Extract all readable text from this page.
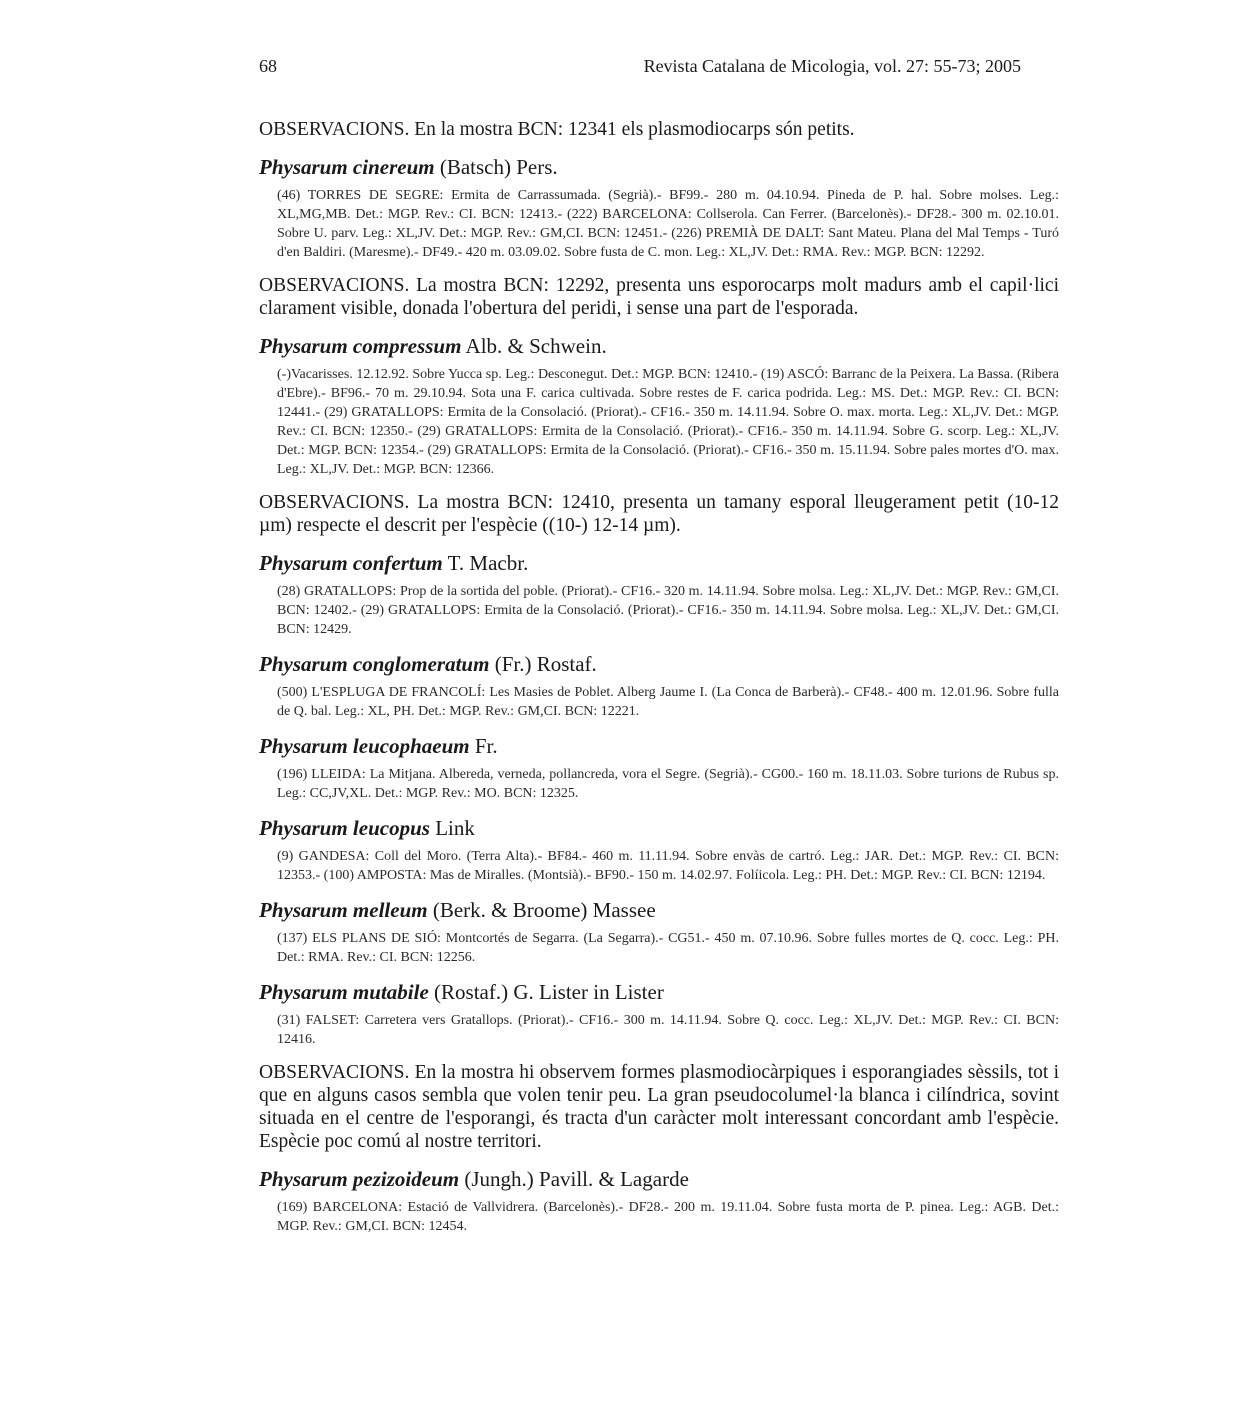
68	Revista Catalana de Micologia, vol. 27: 55-73; 2005

OBSERVACIONS. En la mostra BCN: 12341 els plasmodiocarps són petits.

Physarum cinereum (Batsch) Pers.

(46) TORRES DE SEGRE: Ermita de Carrassumada. (Segrià).- BF99.- 280 m. 04.10.94. Pineda de P. hal. Sobre molses. Leg.: XL,MG,MB. Det.: MGP. Rev.: CI. BCN: 12413.- (222) BARCELONA: Collserola. Can Ferrer. (Barcelonès).- DF28.- 300 m. 02.10.01. Sobre U. parv. Leg.: XL,JV. Det.: MGP. Rev.: GM,CI. BCN: 12451.- (226) PREMIÀ DE DALT: Sant Mateu. Plana del Mal Temps - Turó d'en Baldiri. (Maresme).- DF49.- 420 m. 03.09.02. Sobre fusta de C. mon. Leg.: XL,JV. Det.: RMA. Rev.: MGP. BCN: 12292.

OBSERVACIONS. La mostra BCN: 12292, presenta uns esporocarps molt madurs amb el capil·lici clarament visible, donada l'obertura del peridi, i sense una part de l'esporada.

Physarum compressum Alb. & Schwein.

(-)Vacarisses. 12.12.92. Sobre Yucca sp. Leg.: Desconegut. Det.: MGP. BCN: 12410.- (19) ASCÓ: Barranc de la Peixera. La Bassa. (Ribera d'Ebre).- BF96.- 70 m. 29.10.94. Sota una F. carica cultivada. Sobre restes de F. carica podrida. Leg.: MS. Det.: MGP. Rev.: CI. BCN: 12441.- (29) GRATALLOPS: Ermita de la Consolació. (Priorat).- CF16.- 350 m. 14.11.94. Sobre O. max. morta. Leg.: XL,JV. Det.: MGP. Rev.: CI. BCN: 12350.- (29) GRATALLOPS: Ermita de la Consolació. (Priorat).- CF16.- 350 m. 14.11.94. Sobre G. scorp. Leg.: XL,JV. Det.: MGP. BCN: 12354.- (29) GRATALLOPS: Ermita de la Consolació. (Priorat).- CF16.- 350 m. 15.11.94. Sobre pales mortes d'O. max. Leg.: XL,JV. Det.: MGP. BCN: 12366.

OBSERVACIONS. La mostra BCN: 12410, presenta un tamany esporal lleugerament petit (10-12 µm) respecte el descrit per l'espècie ((10-) 12-14 µm).

Physarum confertum T. Macbr.

(28) GRATALLOPS: Prop de la sortida del poble. (Priorat).- CF16.- 320 m. 14.11.94. Sobre molsa. Leg.: XL,JV. Det.: MGP. Rev.: GM,CI. BCN: 12402.- (29) GRATALLOPS: Ermita de la Consolació. (Priorat).- CF16.- 350 m. 14.11.94. Sobre molsa. Leg.: XL,JV. Det.: GM,CI. BCN: 12429.

Physarum conglomeratum (Fr.) Rostaf.

(500) L'ESPLUGA DE FRANCOLÍ: Les Masies de Poblet. Alberg Jaume I. (La Conca de Barberà).- CF48.- 400 m. 12.01.96. Sobre fulla de Q. bal. Leg.: XL, PH. Det.: MGP. Rev.: GM,CI. BCN: 12221.

Physarum leucophaeum Fr.

(196) LLEIDA: La Mitjana. Albereda, verneda, pollancreda, vora el Segre. (Segrià).- CG00.- 160 m. 18.11.03. Sobre turions de Rubus sp. Leg.: CC,JV,XL. Det.: MGP. Rev.: MO. BCN: 12325.

Physarum leucopus Link

(9) GANDESA: Coll del Moro. (Terra Alta).- BF84.- 460 m. 11.11.94. Sobre envàs de cartró. Leg.: JAR. Det.: MGP. Rev.: CI. BCN: 12353.- (100) AMPOSTA: Mas de Miralles. (Montsià).- BF90.- 150 m. 14.02.97. Folíicola. Leg.: PH. Det.: MGP. Rev.: CI. BCN: 12194.

Physarum melleum (Berk. & Broome) Massee

(137) ELS PLANS DE SIÓ: Montcortés de Segarra. (La Segarra).- CG51.- 450 m. 07.10.96. Sobre fulles mortes de Q. cocc. Leg.: PH. Det.: RMA. Rev.: CI. BCN: 12256.

Physarum mutabile (Rostaf.) G. Lister in Lister

(31) FALSET: Carretera vers Gratallops. (Priorat).- CF16.- 300 m. 14.11.94. Sobre Q. cocc. Leg.: XL,JV. Det.: MGP. Rev.: CI. BCN: 12416.

OBSERVACIONS. En la mostra hi observem formes plasmodiocàrpiques i esporangiades sèssils, tot i que en alguns casos sembla que volen tenir peu. La gran pseudocolumel·la blanca i cilíndrica, sovint situada en el centre de l'esporangi, és tracta d'un caràcter molt interessant concordant amb l'espècie. Espècie poc comú al nostre territori.

Physarum pezizoideum (Jungh.) Pavill. & Lagarde

(169) BARCELONA: Estació de Vallvidrera. (Barcelonès).- DF28.- 200 m. 19.11.04. Sobre fusta morta de P. pinea. Leg.: AGB. Det.: MGP. Rev.: GM,CI. BCN: 12454.
